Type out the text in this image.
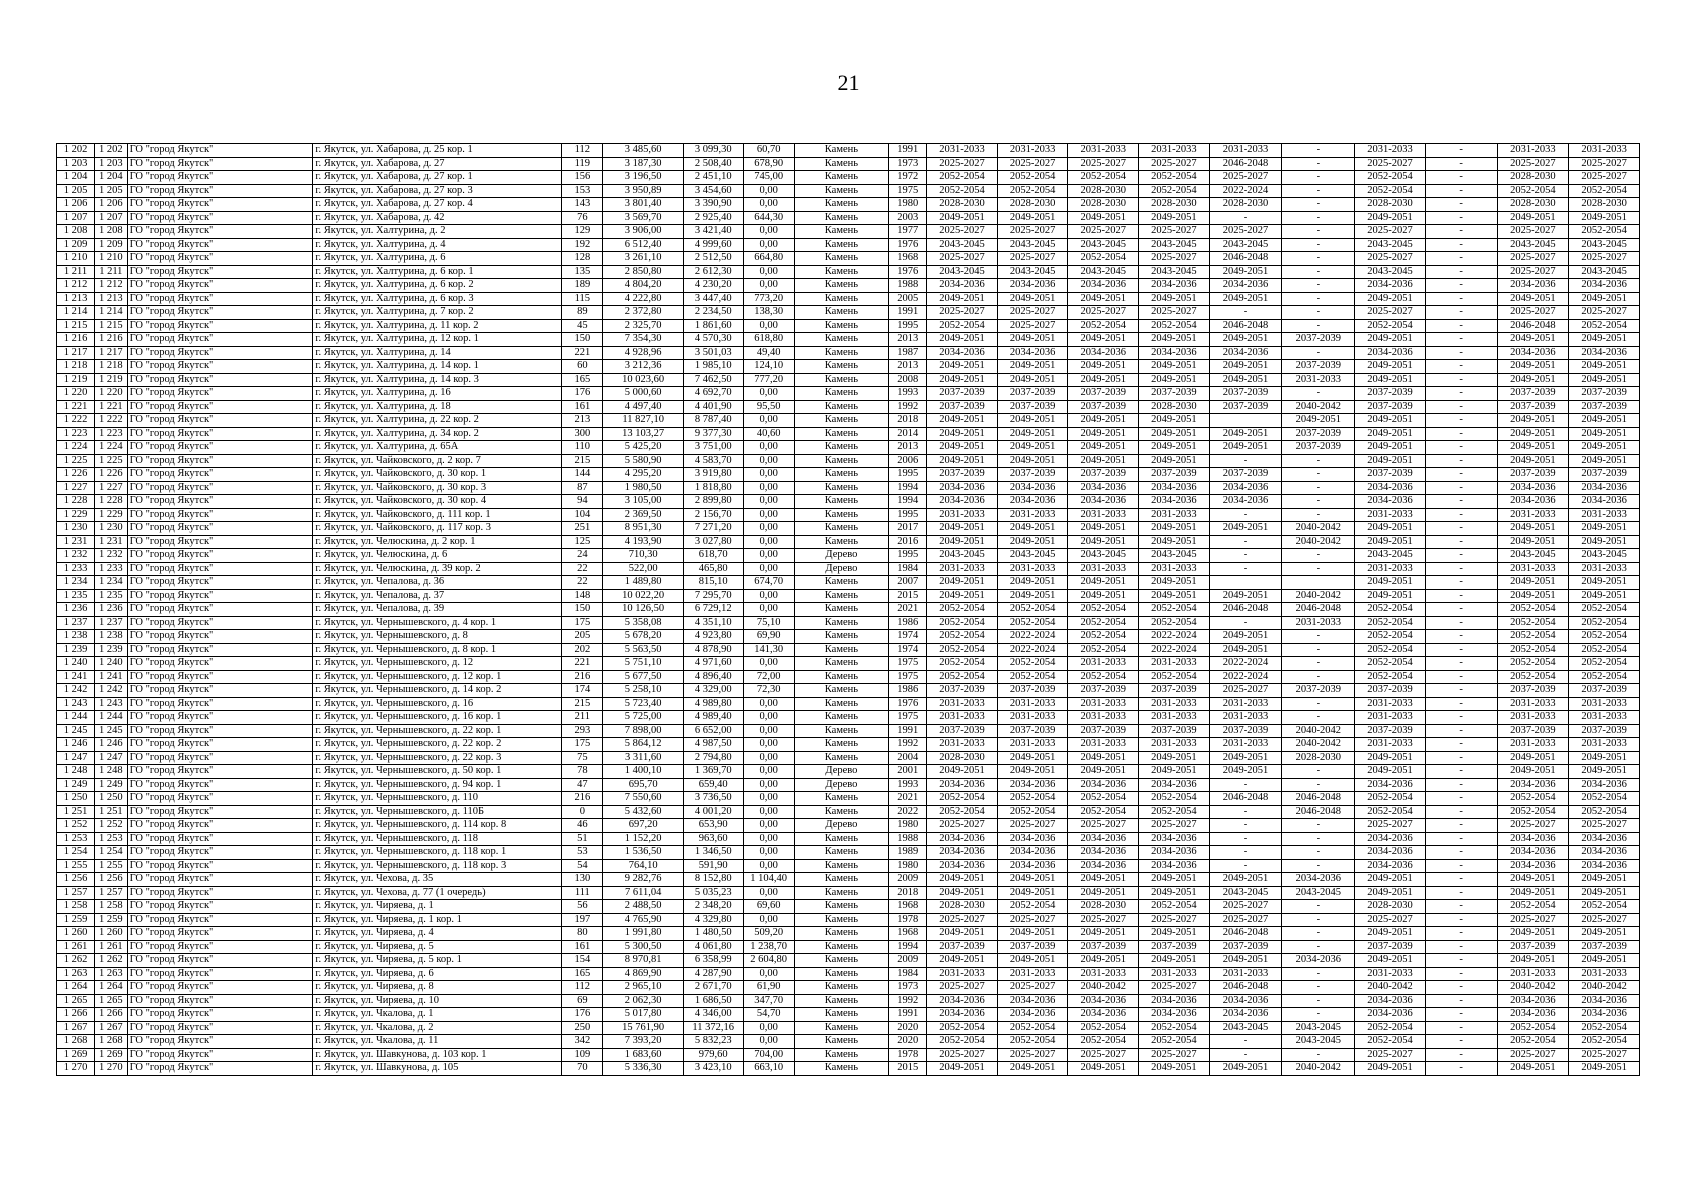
21
1 202	1 202	ГО "город Якутск"	г. Якутск, ул. Хабарова, д. 25 кор. 1	112	3 485,60	3 099,30	60,70	Камень	1991	2031-2033	2031-2033	2031-2033	2031-2033	2031-2033	-	2031-2033	-	2031-2033	2031-2033
1 203	1 203	ГО "город Якутск"	г. Якутск, ул. Хабарова, д. 27	119	3 187,30	2 508,40	678,90	Камень	1973	2025-2027	2025-2027	2025-2027	2025-2027	2046-2048	-	2025-2027	-	2025-2027	2025-2027
1 204	1 204	ГО "город Якутск"	г. Якутск, ул. Хабарова, д. 27 кор. 1	156	3 196,50	2 451,10	745,00	Камень	1972	2052-2054	2052-2054	2052-2054	2052-2054	2025-2027	-	2052-2054	-	2028-2030	2025-2027
1 205	1 205	ГО "город Якутск"	г. Якутск, ул. Хабарова, д. 27 кор. 3	153	3 950,89	3 454,60	0,00	Камень	1975	2052-2054	2052-2054	2028-2030	2052-2054	2022-2024	-	2052-2054	-	2052-2054	2052-2054
1 206	1 206	ГО "город Якутск"	г. Якутск, ул. Хабарова, д. 27 кор. 4	143	3 801,40	3 390,90	0,00	Камень	1980	2028-2030	2028-2030	2028-2030	2028-2030	2028-2030	-	2028-2030	-	2028-2030	2028-2030
1 207	1 207	ГО "город Якутск"	г. Якутск, ул. Хабарова, д. 42	76	3 569,70	2 925,40	644,30	Камень	2003	2049-2051	2049-2051	2049-2051	2049-2051	-	-	2049-2051	-	2049-2051	2049-2051
1 208	1 208	ГО "город Якутск"	г. Якутск, ул. Халтурина, д. 2	129	3 906,00	3 421,40	0,00	Камень	1977	2025-2027	2025-2027	2025-2027	2025-2027	2025-2027	-	2025-2027	-	2025-2027	2052-2054
1 209	1 209	ГО "город Якутск"	г. Якутск, ул. Халтурина, д. 4	192	6 512,40	4 999,60	0,00	Камень	1976	2043-2045	2043-2045	2043-2045	2043-2045	2043-2045	-	2043-2045	-	2043-2045	2043-2045
1 210	1 210	ГО "город Якутск"	г. Якутск, ул. Халтурина, д. 6	128	3 261,10	2 512,50	664,80	Камень	1968	2025-2027	2025-2027	2052-2054	2025-2027	2046-2048	-	2025-2027	-	2025-2027	2025-2027
1 211	1 211	ГО "город Якутск"	г. Якутск, ул. Халтурина, д. 6 кор. 1	135	2 850,80	2 612,30	0,00	Камень	1976	2043-2045	2043-2045	2043-2045	2043-2045	2049-2051	-	2043-2045	-	2025-2027	2043-2045
1 212	1 212	ГО "город Якутск"	г. Якутск, ул. Халтурина, д. 6 кор. 2	189	4 804,20	4 230,20	0,00	Камень	1988	2034-2036	2034-2036	2034-2036	2034-2036	2034-2036	-	2034-2036	-	2034-2036	2034-2036
1 213	1 213	ГО "город Якутск"	г. Якутск, ул. Халтурина, д. 6 кор. 3	115	4 222,80	3 447,40	773,20	Камень	2005	2049-2051	2049-2051	2049-2051	2049-2051	2049-2051	-	2049-2051	-	2049-2051	2049-2051
1 214	1 214	ГО "город Якутск"	г. Якутск, ул. Халтурина, д. 7 кор. 2	89	2 372,80	2 234,50	138,30	Камень	1991	2025-2027	2025-2027	2025-2027	2025-2027	-	-	2025-2027	-	2025-2027	2025-2027
1 215	1 215	ГО "город Якутск"	г. Якутск, ул. Халтурина, д. 11 кор. 2	45	2 325,70	1 861,60	0,00	Камень	1995	2052-2054	2025-2027	2052-2054	2052-2054	2046-2048	-	2052-2054	-	2046-2048	2052-2054
1 216	1 216	ГО "город Якутск"	г. Якутск, ул. Халтурина, д. 12 кор. 1	150	7 354,30	4 570,30	618,80	Камень	2013	2049-2051	2049-2051	2049-2051	2049-2051	2049-2051	2037-2039	2049-2051	-	2049-2051	2049-2051
1 217	1 217	ГО "город Якутск"	г. Якутск, ул. Халтурина, д. 14	221	4 928,96	3 501,03	49,40	Камень	1987	2034-2036	2034-2036	2034-2036	2034-2036	2034-2036	-	2034-2036	-	2034-2036	2034-2036
1 218	1 218	ГО "город Якутск"	г. Якутск, ул. Халтурина, д. 14 кор. 1	60	3 212,36	1 985,10	124,10	Камень	2013	2049-2051	2049-2051	2049-2051	2049-2051	2049-2051	2037-2039	2049-2051	-	2049-2051	2049-2051
1 219	1 219	ГО "город Якутск"	г. Якутск, ул. Халтурина, д. 14 кор. 3	165	10 023,60	7 462,50	777,20	Камень	2008	2049-2051	2049-2051	2049-2051	2049-2051	2049-2051	2031-2033	2049-2051	-	2049-2051	2049-2051
1 220	1 220	ГО "город Якутск"	г. Якутск, ул. Халтурина, д. 16	176	5 000,60	4 692,70	0,00	Камень	1993	2037-2039	2037-2039	2037-2039	2037-2039	2037-2039	-	2037-2039	-	2037-2039	2037-2039
1 221	1 221	ГО "город Якутск"	г. Якутск, ул. Халтурина, д. 18	161	4 497,40	4 401,90	95,50	Камень	1992	2037-2039	2037-2039	2037-2039	2028-2030	2037-2039	2040-2042	2037-2039	-	2037-2039	2037-2039
1 222	1 222	ГО "город Якутск"	г. Якутск, ул. Халтурина, д. 22 кор. 2	213	11 827,10	8 787,40	0,00	Камень	2018	2049-2051	2049-2051	2049-2051	2049-2051		2049-2051	2049-2051	-	2049-2051	2049-2051
1 223	1 223	ГО "город Якутск"	г. Якутск, ул. Халтурина, д. 34 кор. 2	300	13 103,27	9 377,30	40,60	Камень	2014	2049-2051	2049-2051	2049-2051	2049-2051	2049-2051	2037-2039	2049-2051	-	2049-2051	2049-2051
1 224	1 224	ГО "город Якутск"	г. Якутск, ул. Халтурина, д. 65А	110	5 425,20	3 751,00	0,00	Камень	2013	2049-2051	2049-2051	2049-2051	2049-2051	2049-2051	2037-2039	2049-2051	-	2049-2051	2049-2051
1 225	1 225	ГО "город Якутск"	г. Якутск, ул. Чайковского, д. 2 кор. 7	215	5 580,90	4 583,70	0,00	Камень	2006	2049-2051	2049-2051	2049-2051	2049-2051	-	-	2049-2051	-	2049-2051	2049-2051
1 226	1 226	ГО "город Якутск"	г. Якутск, ул. Чайковского, д. 30 кор. 1	144	4 295,20	3 919,80	0,00	Камень	1995	2037-2039	2037-2039	2037-2039	2037-2039	2037-2039	-	2037-2039	-	2037-2039	2037-2039
1 227	1 227	ГО "город Якутск"	г. Якутск, ул. Чайковского, д. 30 кор. 3	87	1 980,50	1 818,80	0,00	Камень	1994	2034-2036	2034-2036	2034-2036	2034-2036	2034-2036	-	2034-2036	-	2034-2036	2034-2036
1 228	1 228	ГО "город Якутск"	г. Якутск, ул. Чайковского, д. 30 кор. 4	94	3 105,00	2 899,80	0,00	Камень	1994	2034-2036	2034-2036	2034-2036	2034-2036	2034-2036	-	2034-2036	-	2034-2036	2034-2036
1 229	1 229	ГО "город Якутск"	г. Якутск, ул. Чайковского, д. 111 кор. 1	104	2 369,50	2 156,70	0,00	Камень	1995	2031-2033	2031-2033	2031-2033	2031-2033	-	-	2031-2033	-	2031-2033	2031-2033
1 230	1 230	ГО "город Якутск"	г. Якутск, ул. Чайковского, д. 117 кор. 3	251	8 951,30	7 271,20	0,00	Камень	2017	2049-2051	2049-2051	2049-2051	2049-2051	2049-2051	2040-2042	2049-2051	-	2049-2051	2049-2051
1 231	1 231	ГО "город Якутск"	г. Якутск, ул. Челюскина, д. 2 кор. 1	125	4 193,90	3 027,80	0,00	Камень	2016	2049-2051	2049-2051	2049-2051	2049-2051	-	2040-2042	2049-2051	-	2049-2051	2049-2051
1 232	1 232	ГО "город Якутск"	г. Якутск, ул. Челюскина, д. 6	24	710,30	618,70	0,00	Дерево	1995	2043-2045	2043-2045	2043-2045	2043-2045	-	-	2043-2045	-	2043-2045	2043-2045
1 233	1 233	ГО "город Якутск"	г. Якутск, ул. Челюскина, д. 39 кор. 2	22	522,00	465,80	0,00	Дерево	1984	2031-2033	2031-2033	2031-2033	2031-2033	-	-	2031-2033	-	2031-2033	2031-2033
1 234	1 234	ГО "город Якутск"	г. Якутск, ул. Чепалова, д. 36	22	1 489,80	815,10	674,70	Камень	2007	2049-2051	2049-2051	2049-2051	2049-2051			2049-2051	-	2049-2051	2049-2051
1 235	1 235	ГО "город Якутск"	г. Якутск, ул. Чепалова, д. 37	148	10 022,20	7 295,70	0,00	Камень	2015	2049-2051	2049-2051	2049-2051	2049-2051	2049-2051	2040-2042	2049-2051	-	2049-2051	2049-2051
1 236	1 236	ГО "город Якутск"	г. Якутск, ул. Чепалова, д. 39	150	10 126,50	6 729,12	0,00	Камень	2021	2052-2054	2052-2054	2052-2054	2052-2054	2046-2048	2046-2048	2052-2054	-	2052-2054	2052-2054
1 237	1 237	ГО "город Якутск"	г. Якутск, ул. Чернышевского, д. 4 кор. 1	175	5 358,08	4 351,10	75,10	Камень	1986	2052-2054	2052-2054	2052-2054	2052-2054	-	2031-2033	2052-2054	-	2052-2054	2052-2054
1 238	1 238	ГО "город Якутск"	г. Якутск, ул. Чернышевского, д. 8	205	5 678,20	4 923,80	69,90	Камень	1974	2052-2054	2022-2024	2052-2054	2022-2024	2049-2051	-	2052-2054	-	2052-2054	2052-2054
1 239	1 239	ГО "город Якутск"	г. Якутск, ул. Чернышевского, д. 8 кор. 1	202	5 563,50	4 878,90	141,30	Камень	1974	2052-2054	2022-2024	2052-2054	2022-2024	2049-2051	-	2052-2054	-	2052-2054	2052-2054
1 240	1 240	ГО "город Якутск"	г. Якутск, ул. Чернышевского, д. 12	221	5 751,10	4 971,60	0,00	Камень	1975	2052-2054	2052-2054	2031-2033	2031-2033	2022-2024	-	2052-2054	-	2052-2054	2052-2054
1 241	1 241	ГО "город Якутск"	г. Якутск, ул. Чернышевского, д. 12 кор. 1	216	5 677,50	4 896,40	72,00	Камень	1975	2052-2054	2052-2054	2052-2054	2052-2054	2022-2024	-	2052-2054	-	2052-2054	2052-2054
1 242	1 242	ГО "город Якутск"	г. Якутск, ул. Чернышевского, д. 14 кор. 2	174	5 258,10	4 329,00	72,30	Камень	1986	2037-2039	2037-2039	2037-2039	2037-2039	2025-2027	2037-2039	2037-2039	-	2037-2039	2037-2039
1 243	1 243	ГО "город Якутск"	г. Якутск, ул. Чернышевского, д. 16	215	5 723,40	4 989,80	0,00	Камень	1976	2031-2033	2031-2033	2031-2033	2031-2033	2031-2033	-	2031-2033	-	2031-2033	2031-2033
1 244	1 244	ГО "город Якутск"	г. Якутск, ул. Чернышевского, д. 16 кор. 1	211	5 725,00	4 989,40	0,00	Камень	1975	2031-2033	2031-2033	2031-2033	2031-2033	2031-2033	-	2031-2033	-	2031-2033	2031-2033
1 245	1 245	ГО "город Якутск"	г. Якутск, ул. Чернышевского, д. 22 кор. 1	293	7 898,00	6 652,00	0,00	Камень	1991	2037-2039	2037-2039	2037-2039	2037-2039	2037-2039	2040-2042	2037-2039	-	2037-2039	2037-2039
1 246	1 246	ГО "город Якутск"	г. Якутск, ул. Чернышевского, д. 22 кор. 2	175	5 864,12	4 987,50	0,00	Камень	1992	2031-2033	2031-2033	2031-2033	2031-2033	2031-2033	2040-2042	2031-2033	-	2031-2033	2031-2033
1 247	1 247	ГО "город Якутск"	г. Якутск, ул. Чернышевского, д. 22 кор. 3	75	3 311,60	2 794,80	0,00	Камень	2004	2028-2030	2049-2051	2049-2051	2049-2051	2049-2051	2028-2030	2049-2051	-	2049-2051	2049-2051
1 248	1 248	ГО "город Якутск"	г. Якутск, ул. Чернышевского, д. 50 кор. 1	78	1 400,10	1 369,70	0,00	Дерево	2001	2049-2051	2049-2051	2049-2051	2049-2051	2049-2051	-	2049-2051	-	2049-2051	2049-2051
1 249	1 249	ГО "город Якутск"	г. Якутск, ул. Чернышевского, д. 94 кор. 1	47	695,70	659,40	0,00	Дерево	1993	2034-2036	2034-2036	2034-2036	2034-2036	-	-	2034-2036	-	2034-2036	2034-2036
1 250	1 250	ГО "город Якутск"	г. Якутск, ул. Чернышевского, д. 110	216	7 550,60	3 736,50	0,00	Камень	2021	2052-2054	2052-2054	2052-2054	2052-2054	2046-2048	2046-2048	2052-2054	-	2052-2054	2052-2054
1 251	1 251	ГО "город Якутск"	г. Якутск, ул. Чернышевского, д. 110Б	0	5 432,60	4 001,20	0,00	Камень	2022	2052-2054	2052-2054	2052-2054	2052-2054	-	2046-2048	2052-2054	-	2052-2054	2052-2054
1 252	1 252	ГО "город Якутск"	г. Якутск, ул. Чернышевского, д. 114 кор. 8	46	697,20	653,90	0,00	Дерево	1980	2025-2027	2025-2027	2025-2027	2025-2027	-	-	2025-2027	-	2025-2027	2025-2027
1 253	1 253	ГО "город Якутск"	г. Якутск, ул. Чернышевского, д. 118	51	1 152,20	963,60	0,00	Камень	1988	2034-2036	2034-2036	2034-2036	2034-2036	-	-	2034-2036	-	2034-2036	2034-2036
1 254	1 254	ГО "город Якутск"	г. Якутск, ул. Чернышевского, д. 118 кор. 1	53	1 536,50	1 346,50	0,00	Камень	1989	2034-2036	2034-2036	2034-2036	2034-2036	-	-	2034-2036	-	2034-2036	2034-2036
1 255	1 255	ГО "город Якутск"	г. Якутск, ул. Чернышевского, д. 118 кор. 3	54	764,10	591,90	0,00	Камень	1980	2034-2036	2034-2036	2034-2036	2034-2036	-	-	2034-2036	-	2034-2036	2034-2036
1 256	1 256	ГО "город Якутск"	г. Якутск, ул. Чехова, д. 35	130	9 282,76	8 152,80	1 104,40	Камень	2009	2049-2051	2049-2051	2049-2051	2049-2051	2049-2051	2034-2036	2049-2051	-	2049-2051	2049-2051
1 257	1 257	ГО "город Якутск"	г. Якутск, ул. Чехова, д. 77 (1 очередь)	111	7 611,04	5 035,23	0,00	Камень	2018	2049-2051	2049-2051	2049-2051	2049-2051	2043-2045	2043-2045	2049-2051	-	2049-2051	2049-2051
1 258	1 258	ГО "город Якутск"	г. Якутск, ул. Чиряева, д. 1	56	2 488,50	2 348,20	69,60	Камень	1968	2028-2030	2052-2054	2028-2030	2052-2054	2025-2027	-	2028-2030	-	2052-2054	2052-2054
1 259	1 259	ГО "город Якутск"	г. Якутск, ул. Чиряева, д. 1 кор. 1	197	4 765,90	4 329,80	0,00	Камень	1978	2025-2027	2025-2027	2025-2027	2025-2027	2025-2027	-	2025-2027	-	2025-2027	2025-2027
1 260	1 260	ГО "город Якутск"	г. Якутск, ул. Чиряева, д. 4	80	1 991,80	1 480,50	509,20	Камень	1968	2049-2051	2049-2051	2049-2051	2049-2051	2046-2048	-	2049-2051	-	2049-2051	2049-2051
1 261	1 261	ГО "город Якутск"	г. Якутск, ул. Чиряева, д. 5	161	5 300,50	4 061,80	1 238,70	Камень	1994	2037-2039	2037-2039	2037-2039	2037-2039	2037-2039	-	2037-2039	-	2037-2039	2037-2039
1 262	1 262	ГО "город Якутск"	г. Якутск, ул. Чиряева, д. 5 кор. 1	154	8 970,81	6 358,99	2 604,80	Камень	2009	2049-2051	2049-2051	2049-2051	2049-2051	2049-2051	2034-2036	2049-2051	-	2049-2051	2049-2051
1 263	1 263	ГО "город Якутск"	г. Якутск, ул. Чиряева, д. 6	165	4 869,90	4 287,90	0,00	Камень	1984	2031-2033	2031-2033	2031-2033	2031-2033	2031-2033	-	2031-2033	-	2031-2033	2031-2033
1 264	1 264	ГО "город Якутск"	г. Якутск, ул. Чиряева, д. 8	112	2 965,10	2 671,70	61,90	Камень	1973	2025-2027	2025-2027	2040-2042	2025-2027	2046-2048	-	2040-2042	-	2040-2042	2040-2042
1 265	1 265	ГО "город Якутск"	г. Якутск, ул. Чиряева, д. 10	69	2 062,30	1 686,50	347,70	Камень	1992	2034-2036	2034-2036	2034-2036	2034-2036	2034-2036	-	2034-2036	-	2034-2036	2034-2036
1 266	1 266	ГО "город Якутск"	г. Якутск, ул. Чкалова, д. 1	176	5 017,80	4 346,00	54,70	Камень	1991	2034-2036	2034-2036	2034-2036	2034-2036	2034-2036	-	2034-2036	-	2034-2036	2034-2036
1 267	1 267	ГО "город Якутск"	г. Якутск, ул. Чкалова, д. 2	250	15 761,90	11 372,16	0,00	Камень	2020	2052-2054	2052-2054	2052-2054	2052-2054	2043-2045	2043-2045	2052-2054	-	2052-2054	2052-2054
1 268	1 268	ГО "город Якутск"	г. Якутск, ул. Чкалова, д. 11	342	7 393,20	5 832,23	0,00	Камень	2020	2052-2054	2052-2054	2052-2054	2052-2054	-	2043-2045	2052-2054	-	2052-2054	2052-2054
1 269	1 269	ГО "город Якутск"	г. Якутск, ул. Шавкунова, д. 103 кор. 1	109	1 683,60	979,60	704,00	Камень	1978	2025-2027	2025-2027	2025-2027	2025-2027	-	-	2025-2027	-	2025-2027	2025-2027
1 270	1 270	ГО "город Якутск"	г. Якутск, ул. Шавкунова, д. 105	70	5 336,30	3 423,10	663,10	Камень	2015	2049-2051	2049-2051	2049-2051	2049-2051	2049-2051	2040-2042	2049-2051	-	2049-2051	2049-2051
